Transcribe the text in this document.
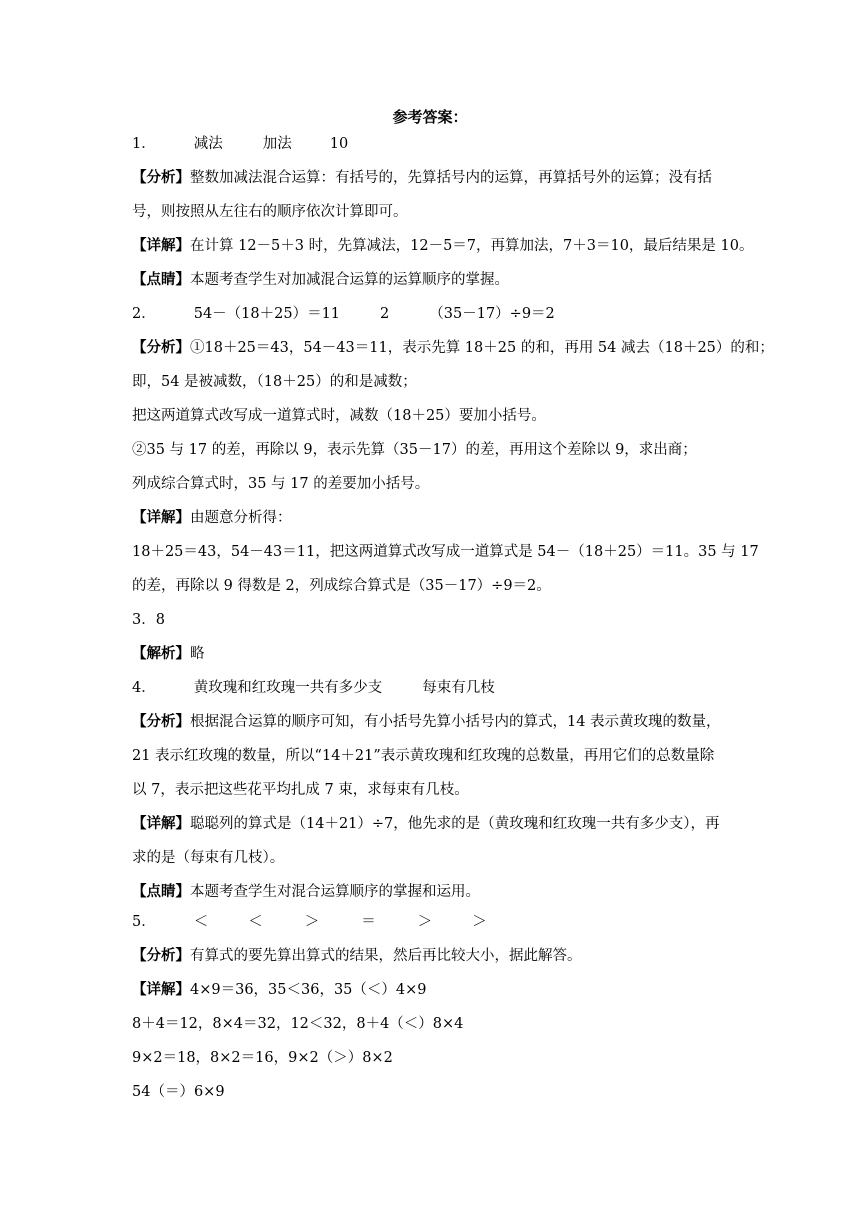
参考答案：
1．	减法	加法	10
【分析】整数加减法混合运算：有括号的，先算括号内的运算，再算括号外的运算；没有括
号，则按照从左往右的顺序依次计算即可。
【详解】在计算 12－5＋3 时，先算减法，12－5＝7，再算加法，7＋3＝10，最后结果是 10。
【点睛】本题考查学生对加减混合运算的运算顺序的掌握。
2．	54－（18＋25）＝11	2	（35－17）÷9＝2
【分析】①18＋25＝43，54－43＝11，表示先算 18＋25 的和，再用 54 减去（18＋25）的和；
即，54 是被减数，（18＋25）的和是减数；
把这两道算式改写成一道算式时，减数（18＋25）要加小括号。
②35 与 17 的差，再除以 9，表示先算（35－17）的差，再用这个差除以 9，求出商；
列成综合算式时，35 与 17 的差要加小括号。
【详解】由题意分析得：
18＋25＝43，54－43＝11，把这两道算式改写成一道算式是 54－（18＋25）＝11。35 与 17
的差，再除以 9 得数是 2，列成综合算式是（35－17）÷9＝2。
3．8
【解析】略
4．	黄玫瑰和红玫瑰一共有多少支	每束有几枝
【分析】根据混合运算的顺序可知，有小括号先算小括号内的算式，14 表示黄玫瑰的数量，
21 表示红玫瑰的数量，所以“14＋21”表示黄玫瑰和红玫瑰的总数量，再用它们的总数量除
以 7，表示把这些花平均扎成 7 束，求每束有几枝。
【详解】聪聪列的算式是（14＋21）÷7，他先求的是（黄玫瑰和红玫瑰一共有多少支），再
求的是（每束有几枝）。
【点睛】本题考查学生对混合运算顺序的掌握和运用。
5．	＜	＜	＞	＝	＞	＞
【分析】有算式的要先算出算式的结果，然后再比较大小，据此解答。
【详解】4×9＝36，35＜36，35（＜）4×9
8＋4＝12，8×4＝32，12＜32，8＋4（＜）8×4
9×2＝18，8×2＝16，9×2（＞）8×2
54（＝）6×9
